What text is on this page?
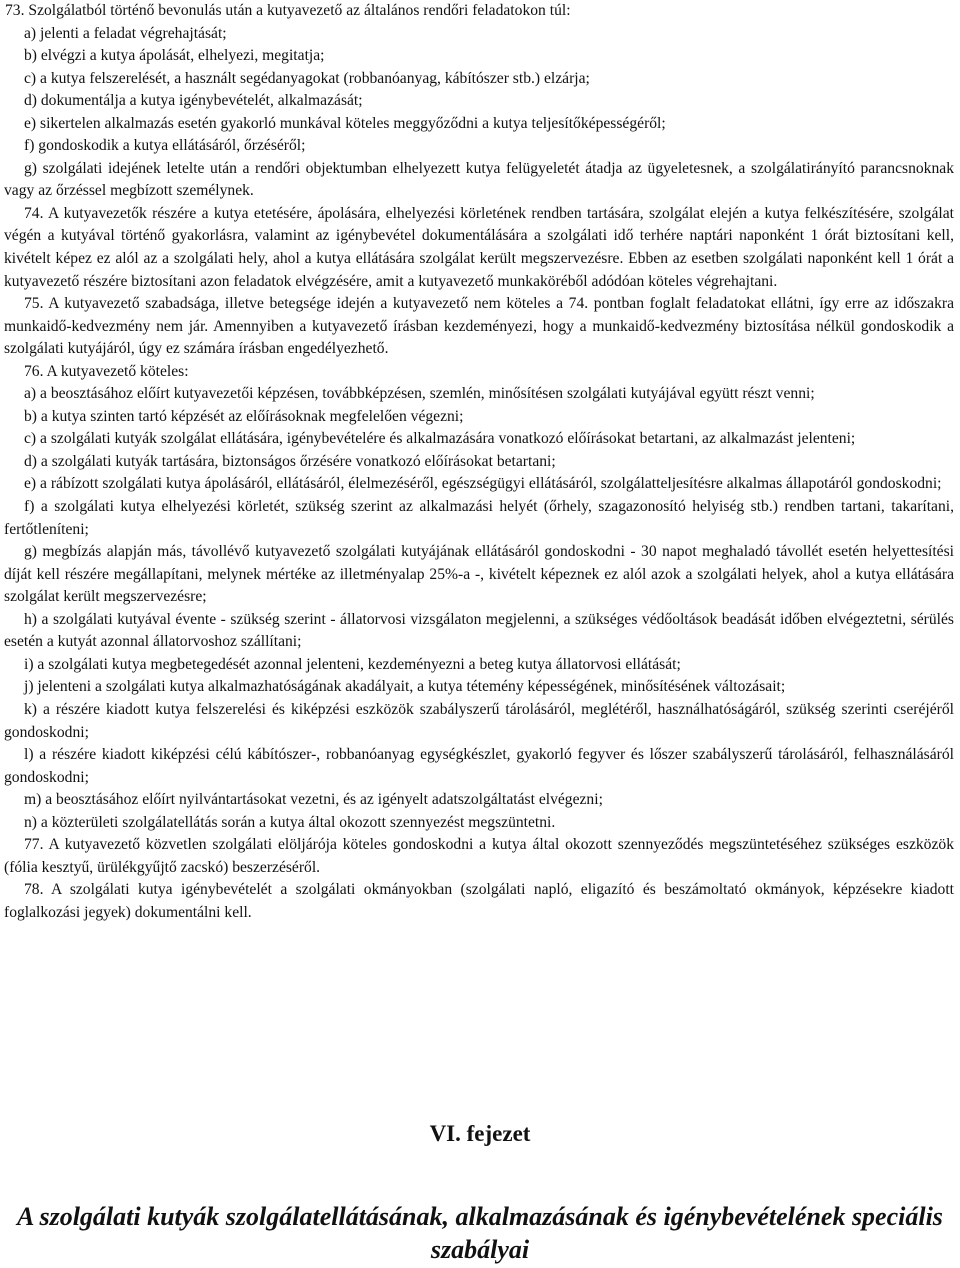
73. Szolgálatból történő bevonulás után a kutyavezető az általános rendőri feladatokon túl:

a) jelenti a feladat végrehajtását;

b) elvégzi a kutya ápolását, elhelyezi, megitatja;

c) a kutya felszerelését, a használt segédanyagokat (robbanóanyag, kábítószer stb.) elzárja;

d) dokumentálja a kutya igénybevételét, alkalmazását;

e) sikertelen alkalmazás esetén gyakorló munkával köteles meggyőződni a kutya teljesítőképességéről;

f) gondoskodik a kutya ellátásáról, őrzéséről;

g) szolgálati idejének letelte után a rendőri objektumban elhelyezett kutya felügyeletét átadja az ügyeletesnek, a szolgálatirányító parancsnoknak vagy az őrzéssel megbízott személynek.

74. A kutyavezetők részére a kutya etetésére, ápolására, elhelyezési körletének rendben tartására, szolgálat elején a kutya felkészítésére, szolgálat végén a kutyával történő gyakorlásra, valamint az igénybevétel dokumentálására a szolgálati idő terhére naptári naponként 1 órát biztosítani kell, kivételt képez ez alól az a szolgálati hely, ahol a kutya ellátására szolgálat került megszervezésre. Ebben az esetben szolgálati naponként kell 1 órát a kutyavezető részére biztosítani azon feladatok elvégzésére, amit a kutyavezető munkaköréből adódóan köteles végrehajtani.

75. A kutyavezető szabadsága, illetve betegsége idején a kutyavezető nem köteles a 74. pontban foglalt feladatokat ellátni, így erre az időszakra munkaidő-kedvezmény nem jár. Amennyiben a kutyavezető írásban kezdeményezi, hogy a munkaidő-kedvezmény biztosítása nélkül gondoskodik a szolgálati kutyájáról, úgy ez számára írásban engedélyezhető.

76. A kutyavezető köteles:

a) a beosztásához előírt kutyavezetői képzésen, továbbképzésen, szemlén, minősítésen szolgálati kutyájával együtt részt venni;

b) a kutya szinten tartó képzését az előírásoknak megfelelően végezni;

c) a szolgálati kutyák szolgálat ellátására, igénybevételére és alkalmazására vonatkozó előírásokat betartani, az alkalmazást jelenteni;

d) a szolgálati kutyák tartására, biztonságos őrzésére vonatkozó előírásokat betartani;

e) a rábízott szolgálati kutya ápolásáról, ellátásáról, élelmezéséről, egészségügyi ellátásáról, szolgálatteljesítésre alkalmas állapotáról gondoskodni;

f) a szolgálati kutya elhelyezési körletét, szükség szerint az alkalmazási helyét (őrhely, szagazonosító helyiség stb.) rendben tartani, takarítani, fertőtleníteni;

g) megbízás alapján más, távollévő kutyavezető szolgálati kutyájának ellátásáról gondoskodni - 30 napot meghaladó távollét esetén helyettesítési díját kell részére megállapítani, melynek mértéke az illetményalap 25%-a -, kivételt képeznek ez alól azok a szolgálati helyek, ahol a kutya ellátására szolgálat került megszervezésre;

h) a szolgálati kutyával évente - szükség szerint - állatorvosi vizsgálaton megjelenni, a szükséges védőoltások beadását időben elvégeztetni, sérülés esetén a kutyát azonnal állatorvoshoz szállítani;

i) a szolgálati kutya megbetegedését azonnal jelenteni, kezdeményezni a beteg kutya állatorvosi ellátását;

j) jelenteni a szolgálati kutya alkalmazhatóságának akadályait, a kutya tétemény képességének, minősítésének változásait;

k) a részére kiadott kutya felszerelési és kiképzési eszközök szabályszerű tárolásáról, meglétéről, használhatóságáról, szükség szerinti cseréjéről gondoskodni;

l) a részére kiadott kiképzési célú kábítószer-, robbanóanyag egységkészlet, gyakorló fegyver és lőszer szabályszerű tárolásáról, felhasználásáról gondoskodni;

m) a beosztásához előírt nyilvántartásokat vezetni, és az igényelt adatszolgáltatást elvégezni;

n) a közterületi szolgálatellátás során a kutya által okozott szennyezést megszüntetni.

77. A kutyavezető közvetlen szolgálati elöljárója köteles gondoskodni a kutya által okozott szennyeződés megszüntetéséhez szükséges eszközök (fólia kesztyű, ürülékgyűjtő zacskó) beszerzéséről.

78. A szolgálati kutya igénybevételét a szolgálati okmányokban (szolgálati napló, eligazító és beszámoltató okmányok, képzésekre kiadott foglalkozási jegyek) dokumentálni kell.

VI. fejezet
A szolgálati kutyák szolgálatellátásának, alkalmazásának és igénybevételének speciális szabályai
